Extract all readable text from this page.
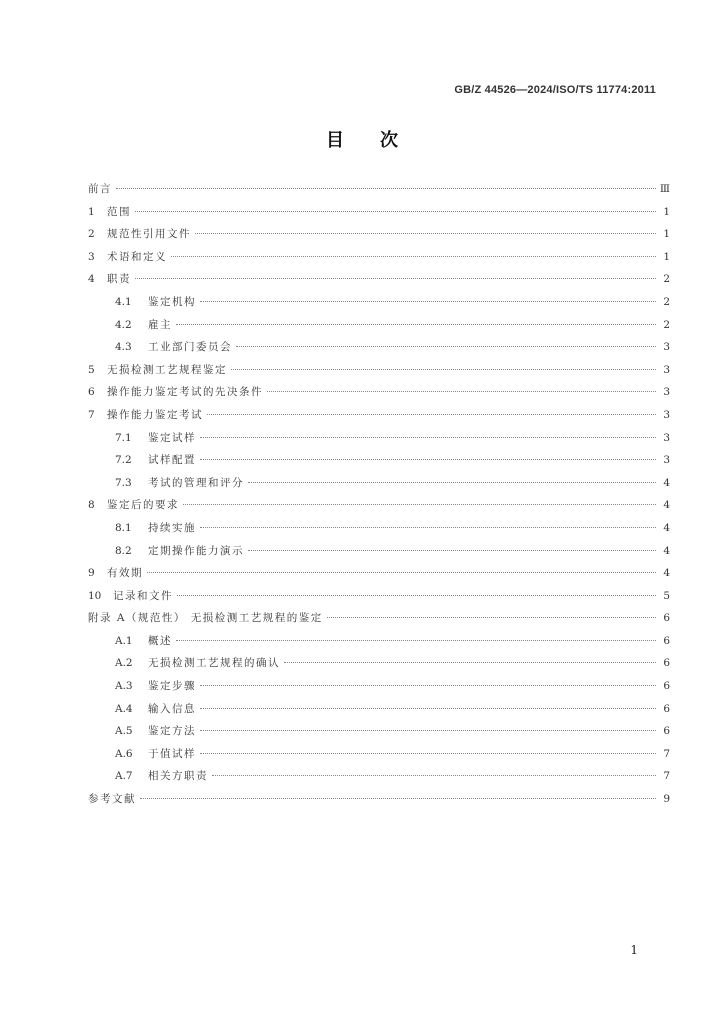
GB/Z 44526—2024/ISO/TS 11774:2011
目次
前言	Ⅲ
1	范围	1
2	规范性引用文件	1
3	术语和定义	1
4	职责	2
4.1	鉴定机构	2
4.2	雇主	2
4.3	工业部门委员会	3
5	无损检测工艺规程鉴定	3
6	操作能力鉴定考试的先决条件	3
7	操作能力鉴定考试	3
7.1	鉴定试样	3
7.2	试样配置	3
7.3	考试的管理和评分	4
8	鉴定后的要求	4
8.1	持续实施	4
8.2	定期操作能力演示	4
9	有效期	4
10	记录和文件	5
附录 A（规范性） 无损检测工艺规程的鉴定	6
A.1	概述	6
A.2	无损检测工艺规程的确认	6
A.3	鉴定步骤	6
A.4	输入信息	6
A.5	鉴定方法	6
A.6	于值试样	7
A.7	相关方职责	7
参考文献	9
1
